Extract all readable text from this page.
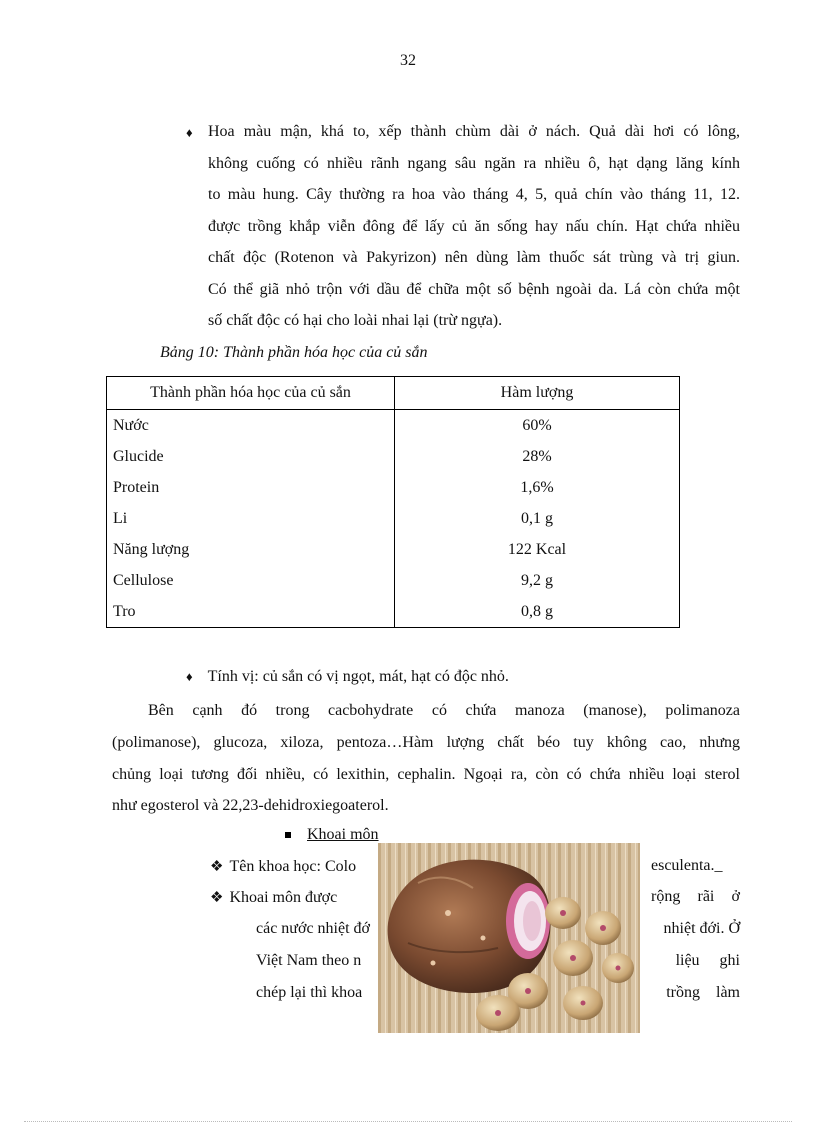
32
♦ Hoa màu mận, khá to, xếp thành chùm dài ở nách. Quả dài hơi có lông,
không cuống có nhiều rãnh ngang sâu ngăn ra nhiều ô, hạt dạng lăng kính
to màu hung. Cây thường ra hoa vào tháng 4, 5, quả chín vào tháng 11, 12.
được trồng khắp viễn đông để lấy củ ăn sống hay nấu chín. Hạt chứa nhiều
chất độc (Rotenon và Pakyrizon) nên dùng làm thuốc sát trùng và trị giun.
Có thể giã nhỏ trộn với dầu để chữa một số bệnh ngoài da. Lá còn chứa một
số chất độc có hại cho loài nhai lại (trừ ngựa).
Bảng 10: Thành phần hóa học của củ sắn
Thành phần hóa học của củ sắn	Hàm lượng
Nước	60%
Glucide	28%
Protein	1,6%
Li	0,1 g
Năng lượng	122 Kcal
Cellulose	9,2 g
Tro	0,8 g
♦ Tính vị: củ sắn có vị ngọt, mát, hạt có độc nhỏ.
Bên cạnh đó trong cacbohydrate có chứa manoza (manose), polimanoza
(polimanose), glucoza, xiloza, pentoza…Hàm lượng chất béo tuy không cao, nhưng
chủng loại tương đối nhiều, có lexithin, cephalin. Ngoại ra, còn có chứa nhiều loại sterol
như egosterol và 22,23-dehidroxiegoaterol.
Khoai môn
❖ Tên khoa học: Colo	esculenta._
❖ Khoai môn được	rộng rãi ở
các nước nhiệt đớ	nhiệt đới. Ở
Việt Nam theo n	liệu     ghi
chép lại thì khoa	trồng    làm
